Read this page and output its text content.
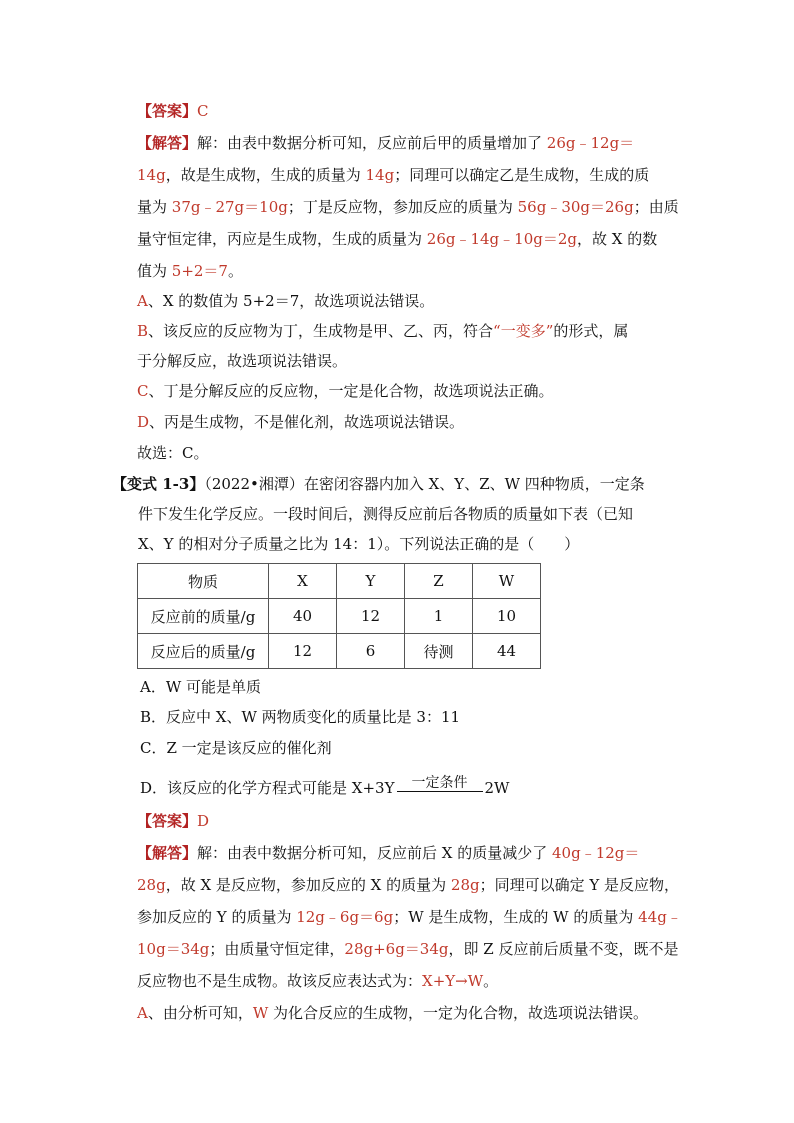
【答案】C
【解答】解：由表中数据分析可知，反应前后甲的质量增加了 26g﹣12g＝
14g，故是生成物，生成的质量为 14g；同理可以确定乙是生成物，生成的质
量为 37g﹣27g＝10g；丁是反应物，参加反应的质量为 56g﹣30g＝26g；由质
量守恒定律，丙应是生成物，生成的质量为 26g﹣14g﹣10g＝2g，故 X 的数
值为 5+2＝7。
A、X 的数值为 5+2＝7，故选项说法错误。
B、该反应的反应物为丁，生成物是甲、乙、丙，符合“一变多”的形式，属
于分解反应，故选项说法错误。
C、丁是分解反应的反应物，一定是化合物，故选项说法正确。
D、丙是生成物，不是催化剂，故选项说法错误。
故选：C。
【变式 1-3】（2022•湘潭）在密闭容器内加入 X、Y、Z、W 四种物质，一定条
件下发生化学反应。一段时间后，测得反应前后各物质的质量如下表（已知
X、Y 的相对分子质量之比为 14：1）。下列说法正确的是（　　）
物质	X	Y	Z	W
反应前的质量/g	40	12	1	10
反应后的质量/g	12	6	待测	44
A．W 可能是单质
B．反应中 X、W 两物质变化的质量比是 3：11
C．Z 一定是该反应的催化剂
D．该反应的化学方程式可能是 X+3Y 一定条件 2W
【答案】D
【解答】解：由表中数据分析可知，反应前后 X 的质量减少了 40g﹣12g＝
28g，故 X 是反应物，参加反应的 X 的质量为 28g；同理可以确定 Y 是反应物，
参加反应的 Y 的质量为 12g﹣6g＝6g；W 是生成物，生成的 W 的质量为 44g﹣
10g＝34g；由质量守恒定律，28g+6g＝34g，即 Z 反应前后质量不变，既不是
反应物也不是生成物。故该反应表达式为：X+Y→W。
A、由分析可知，W 为化合反应的生成物，一定为化合物，故选项说法错误。
